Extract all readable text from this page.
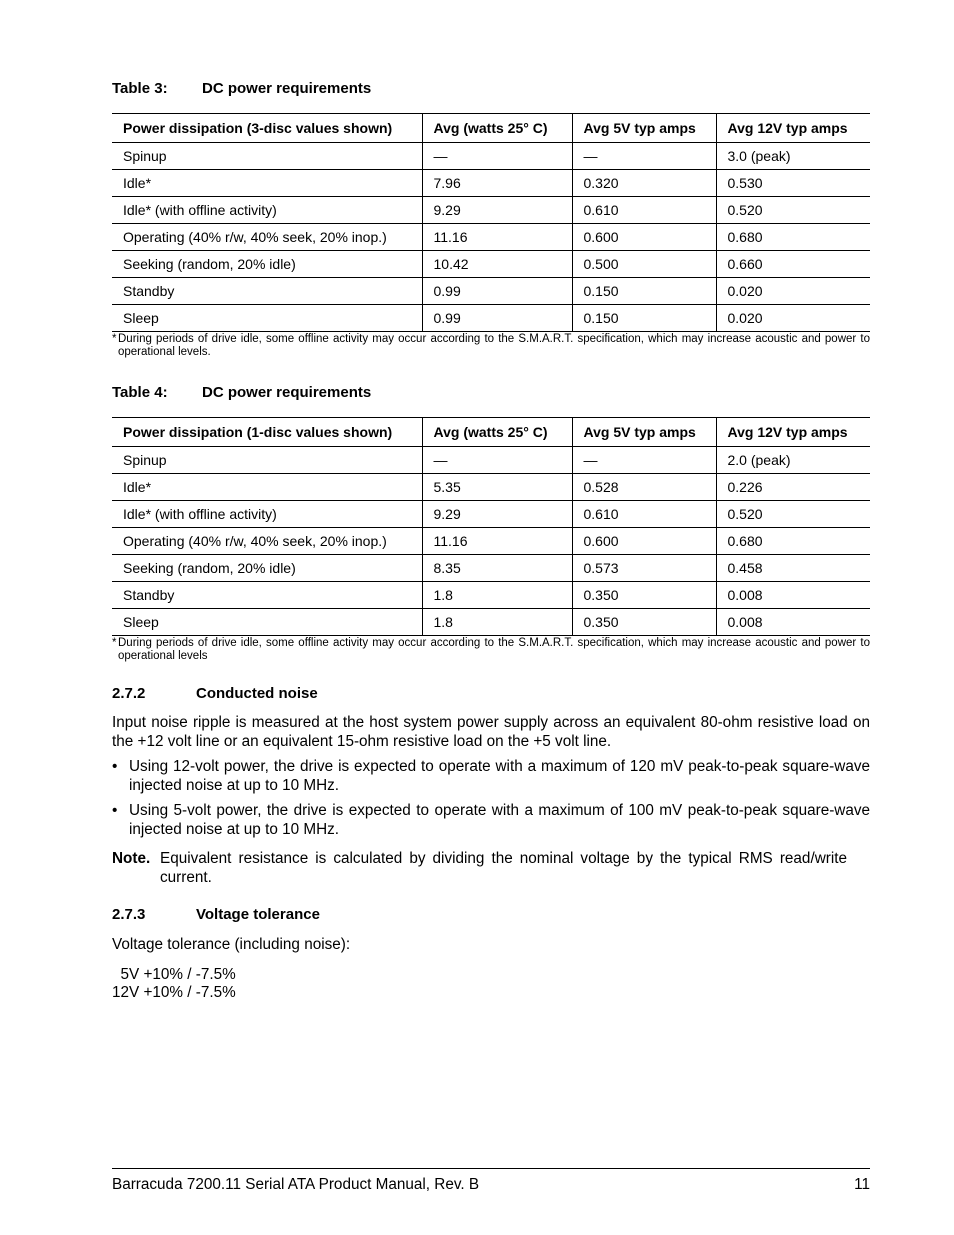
Table 3: DC power requirements
Power dissipation (3-disc values shown)	Avg (watts 25° C)	Avg 5V typ amps	Avg 12V typ amps
Spinup	—	—	3.0 (peak)
Idle*	7.96	0.320	0.530
Idle* (with offline activity)	9.29	0.610	0.520
Operating (40% r/w, 40% seek, 20% inop.)	11.16	0.600	0.680
Seeking (random, 20% idle)	10.42	0.500	0.660
Standby	0.99	0.150	0.020
Sleep	0.99	0.150	0.020
* During periods of drive idle, some offline activity may occur according to the S.M.A.R.T. specification, which may increase acoustic and power to operational levels.
Table 4: DC power requirements
Power dissipation (1-disc values shown)	Avg (watts 25° C)	Avg 5V typ amps	Avg 12V typ amps
Spinup	—	—	2.0 (peak)
Idle*	5.35	0.528	0.226
Idle* (with offline activity)	9.29	0.610	0.520
Operating (40% r/w, 40% seek, 20% inop.)	11.16	0.600	0.680
Seeking (random, 20% idle)	8.35	0.573	0.458
Standby	1.8	0.350	0.008
Sleep	1.8	0.350	0.008
* During periods of drive idle, some offline activity may occur according to the S.M.A.R.T. specification, which may increase acoustic and power to operational levels
2.7.2	Conducted noise
Input noise ripple is measured at the host system power supply across an equivalent 80-ohm resistive load on the +12 volt line or an equivalent 15-ohm resistive load on the +5 volt line.
• Using 12-volt power, the drive is expected to operate with a maximum of 120 mV peak-to-peak square-wave injected noise at up to 10 MHz.
• Using 5-volt power, the drive is expected to operate with a maximum of 100 mV peak-to-peak square-wave injected noise at up to 10 MHz.
Note. Equivalent resistance is calculated by dividing the nominal voltage by the typical RMS read/write current.
2.7.3	Voltage tolerance
Voltage tolerance (including noise):
5V +10% / -7.5%
12V +10% / -7.5%
Barracuda 7200.11 Serial ATA Product Manual, Rev. B	11
